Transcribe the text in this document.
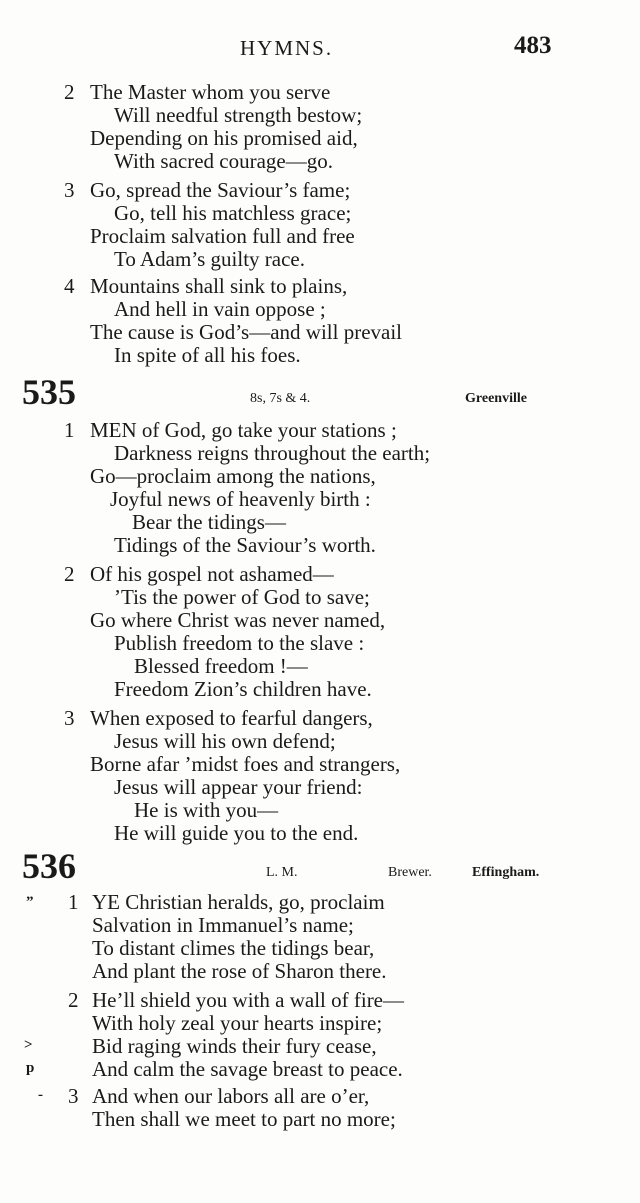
HYMNS.	483
2 The Master whom you serve
Will needful strength bestow;
Depending on his promised aid,
With sacred courage—go.
3 Go, spread the Saviour’s fame;
Go, tell his matchless grace;
Proclaim salvation full and free
To Adam’s guilty race.
4 Mountains shall sink to plains,
And hell in vain oppose ;
The cause is God’s—and will prevail
In spite of all his foes.
535	8s, 7s & 4.	Greenville
1 MEN of God, go take your stations ;
Darkness reigns throughout the earth;
Go—proclaim among the nations,
Joyful news of heavenly birth :
Bear the tidings—
Tidings of the Saviour’s worth.
2 Of his gospel not ashamed—
’Tis the power of God to save;
Go where Christ was never named,
Publish freedom to the slave :
Blessed freedom !—
Freedom Zion’s children have.
3 When exposed to fearful dangers,
Jesus will his own defend;
Borne afar ’midst foes and strangers,
Jesus will appear your friend:
He is with you—
He will guide you to the end.
536	L. M.	Brewer.	Effingham.
” 1 YE Christian heralds, go, proclaim
Salvation in Immanuel’s name;
To distant climes the tidings bear,
And plant the rose of Sharon there.
2 He’ll shield you with a wall of fire—
With holy zeal your hearts inspire;
>	Bid raging winds their fury cease,
p	And calm the savage breast to peace.
- 3 And when our labors all are o’er,
Then shall we meet to part no more;
